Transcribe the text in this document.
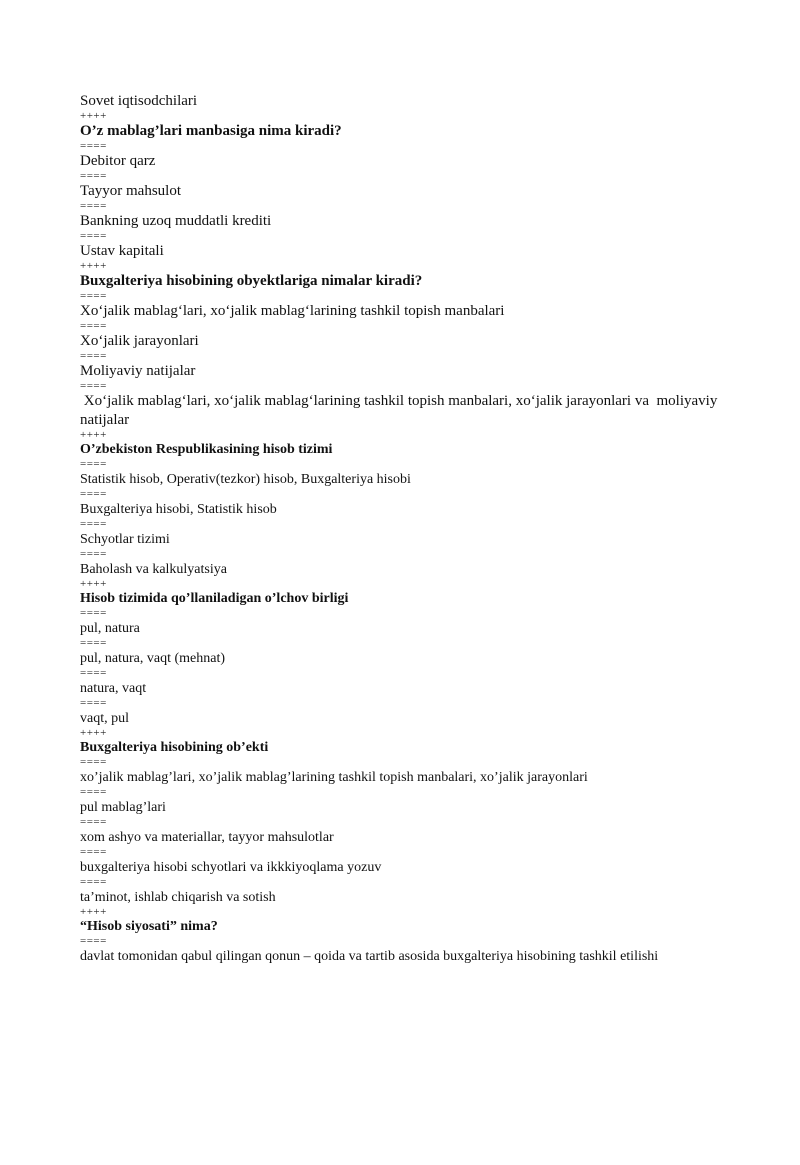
Sovet iqtisodchilari
++++
O’z mablag’lari manbasiga nima kiradi?
====
Debitor qarz
====
Tayyor mahsulot
====
Bankning uzoq muddatli krediti
====
Ustav kapitali
++++
Buxgalteriya hisobining obyektlariga nimalar kiradi?
====
Xo‘jalik mablag‘lari, xo‘jalik mablag‘larining tashkil topish manbalari
====
Xo‘jalik jarayonlari
====
Moliyaviy natijalar
====
Xo‘jalik mablag‘lari, xo‘jalik mablag‘larining tashkil topish manbalari, xo‘jalik jarayonlari va  moliyaviy natijalar
++++
O’zbekiston Respublikasining hisob tizimi
====
Statistik hisob, Operativ(tezkor) hisob, Buxgalteriya hisobi
====
Buxgalteriya hisobi, Statistik hisob
====
Schyotlar tizimi
====
Baholash va kalkulyatsiya
++++
Hisob tizimida qo’llaniladigan o’lchov birligi
====
pul, natura
====
pul, natura, vaqt (mehnat)
====
natura, vaqt
====
vaqt, pul
++++
Buxgalteriya hisobining ob’ekti
====
xo’jalik mablag’lari, xo’jalik mablag’larining tashkil topish manbalari, xo’jalik jarayonlari
====
pul mablag’lari
====
xom ashyo va materiallar, tayyor mahsulotlar
====
buxgalteriya hisobi schyotlari va ikkkiyoqlama yozuv
====
ta’minot, ishlab chiqarish va sotish
++++
“Hisob siyosati” nima?
====
davlat tomonidan qabul qilingan qonun – qoida va tartib asosida buxgalteriya hisobining tashkil etilishi
